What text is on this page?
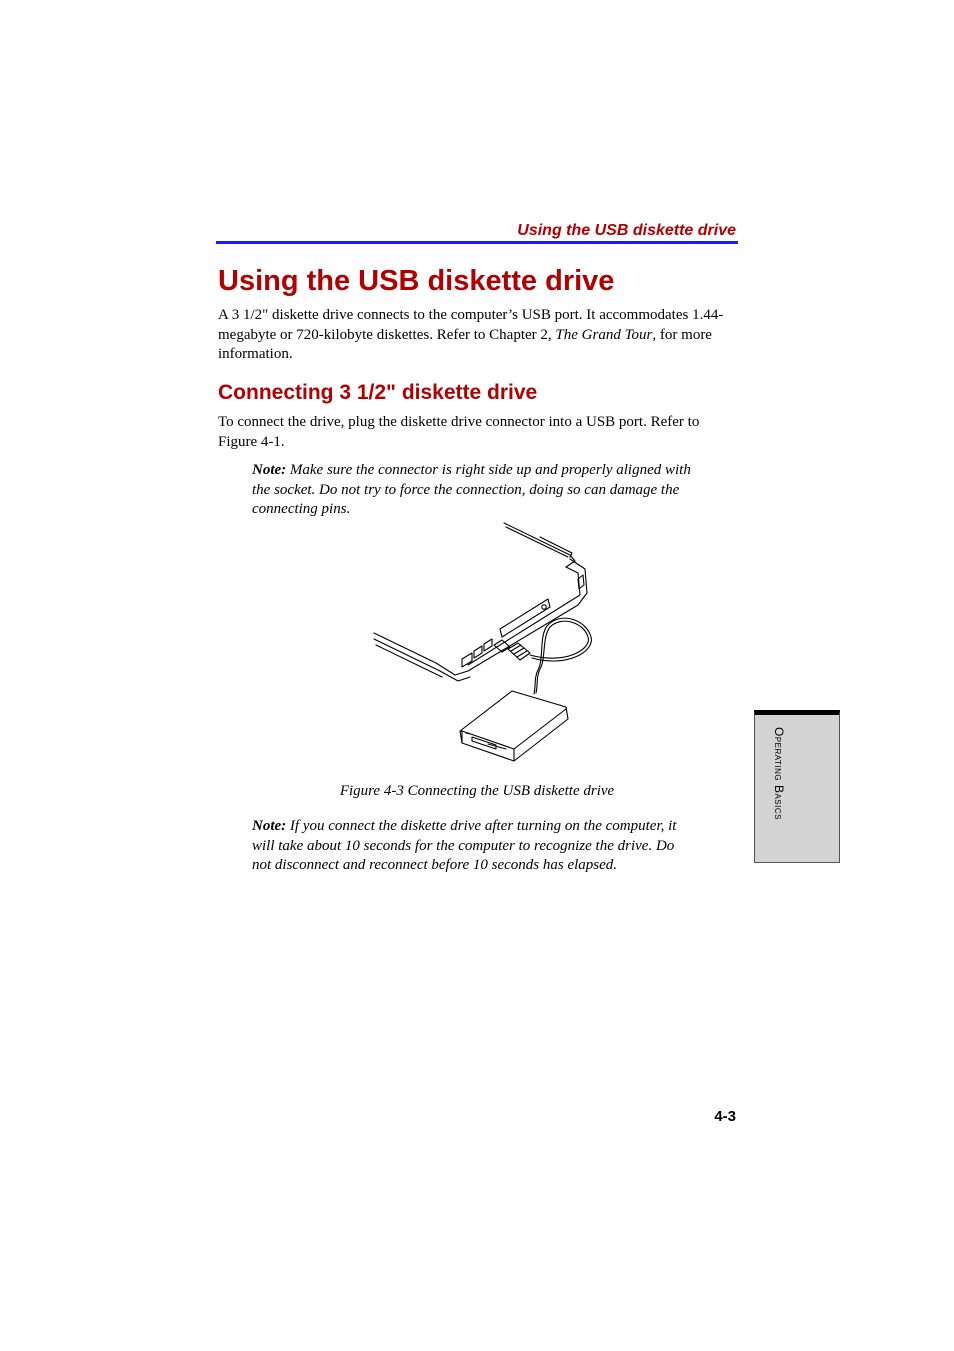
Using the USB diskette drive
Using the USB diskette drive

A 3 1/2" diskette drive connects to the computer’s USB port. It accommodates 1.44-megabyte or 720-kilobyte diskettes. Refer to Chapter 2, The Grand Tour, for more information.

Connecting 3 1/2" diskette drive

To connect the drive, plug the diskette drive connector into a USB port. Refer to Figure 4-1.

Note: Make sure the connector is right side up and properly aligned with the socket. Do not try to force the connection, doing so can damage the connecting pins.

Figure 4-3 Connecting the USB diskette drive

Note: If you connect the diskette drive after turning on the computer, it will take about 10 seconds for the computer to recognize the drive. Do not disconnect and reconnect before 10 seconds has elapsed.

Operating Basics
4-3
